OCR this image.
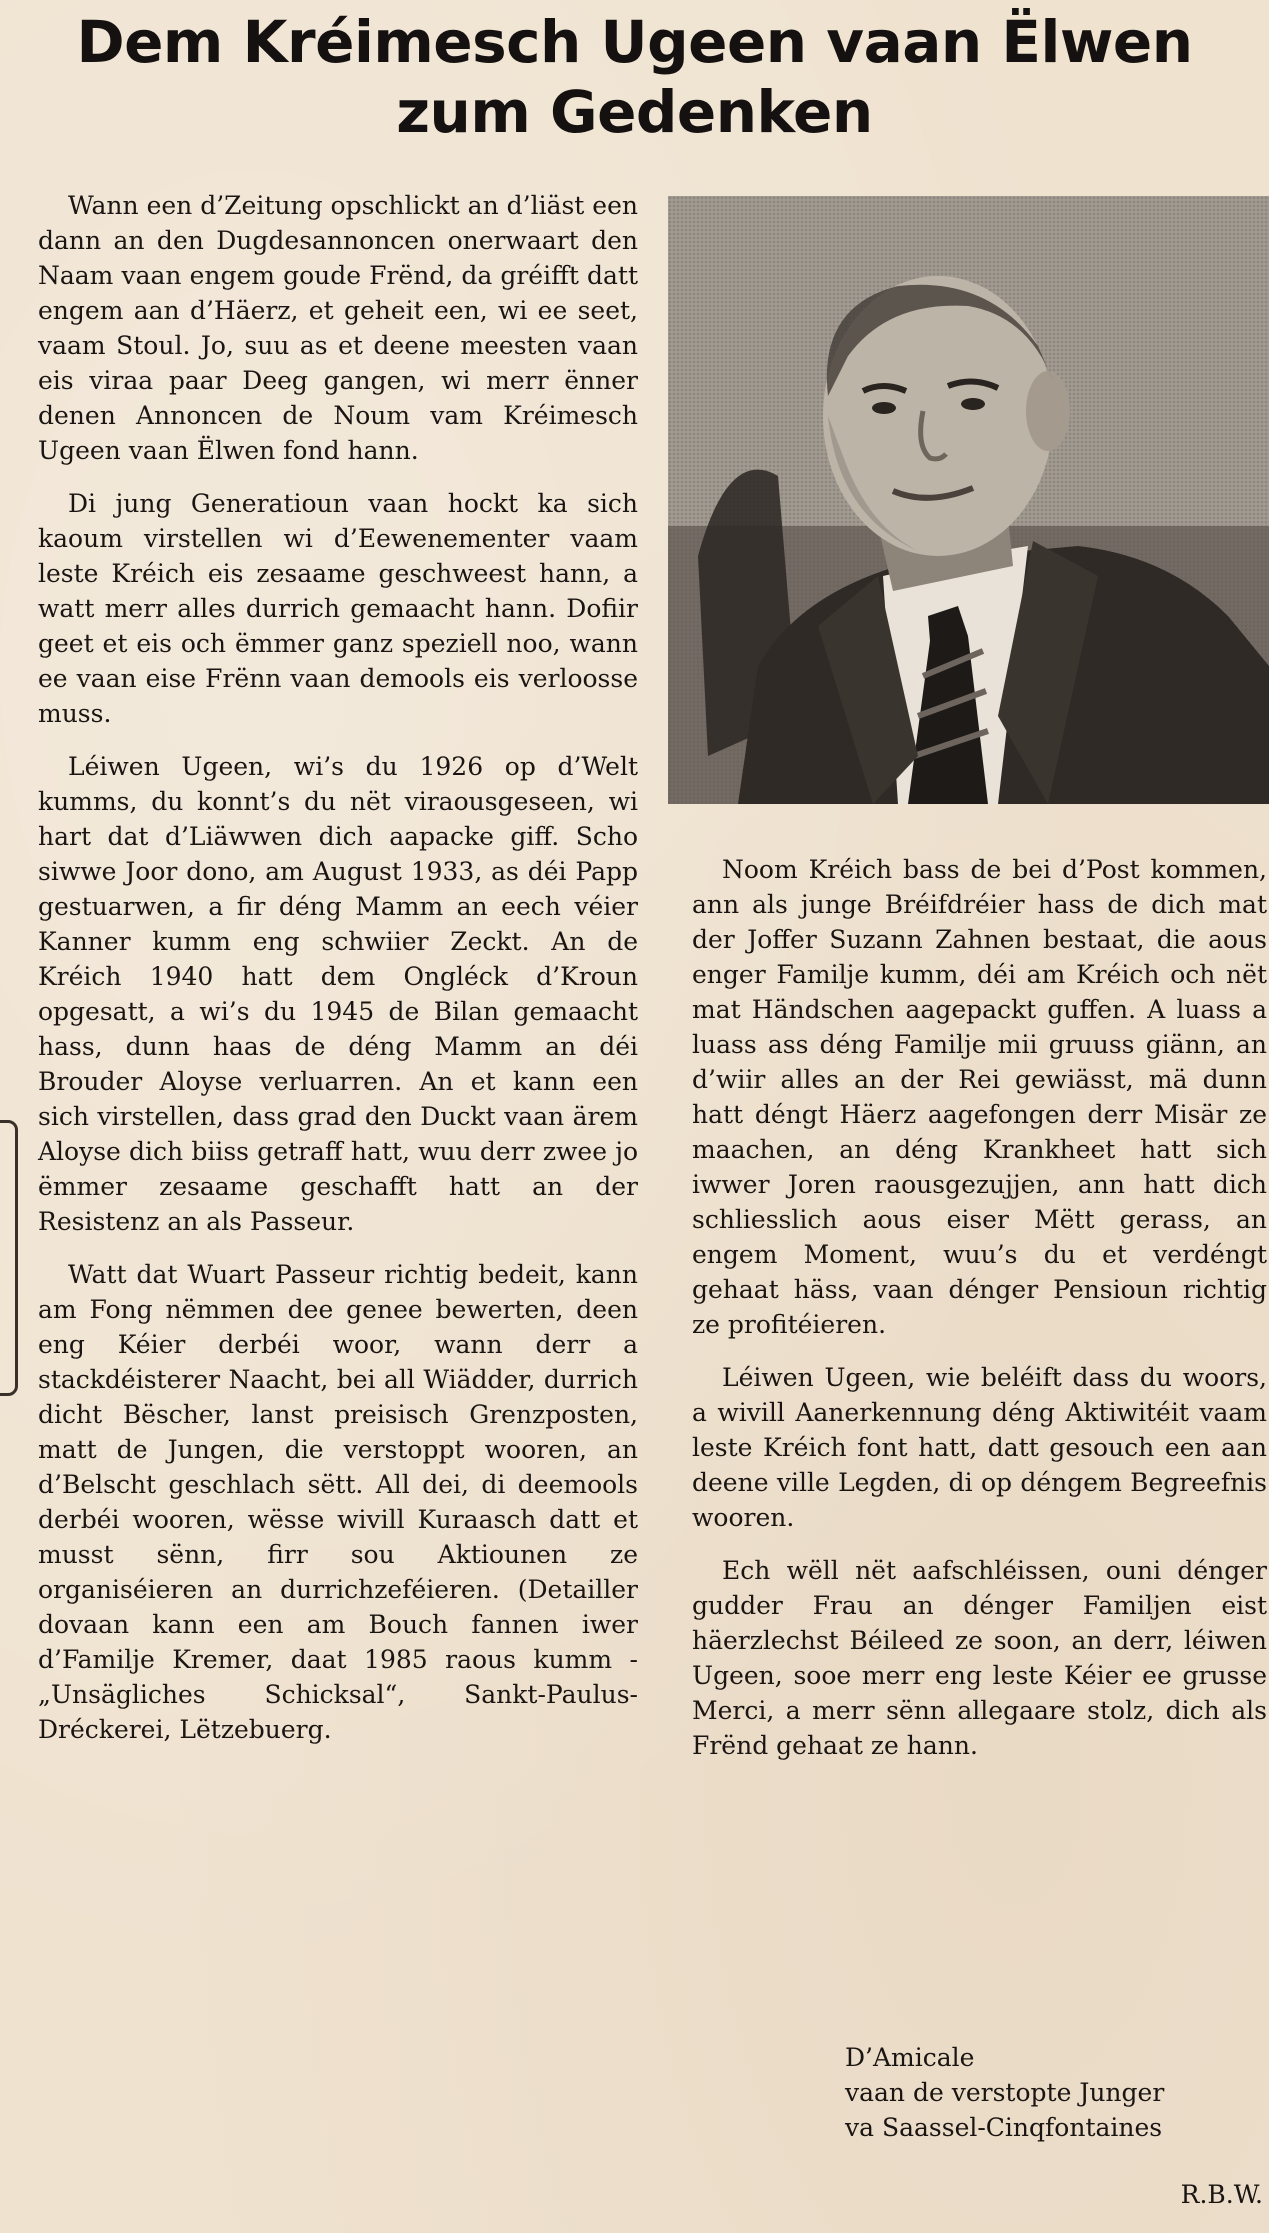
Dem Kréimesch Ugeen vaan Ëlwen
zum Gedenken

Wann een d’Zeitung opschlickt an d’liäst een dann an den Dugdesannoncen onerwaart den Naam vaan engem goude Frënd, da gréifft datt engem aan d’Häerz, et geheit een, wi ee seet, vaam Stoul. Jo, suu as et deene meesten vaan eis viraa paar Deeg gangen, wi merr ënner denen Annoncen de Noum vam Kréimesch Ugeen vaan Ëlwen fond hann.

Di jung Generatioun vaan hockt ka sich kaoum virstellen wi d’Eewenementer vaam leste Kréich eis zesaame geschweest hann, a watt merr alles durrich gemaacht hann. Dofiir geet et eis och ëmmer ganz speziell noo, wann ee vaan eise Frënn vaan demools eis verloosse muss.

Léiwen Ugeen, wi’s du 1926 op d’Welt kumms, du konnt’s du nët viraousgeseen, wi hart dat d’Liäwwen dich aapacke giff. Scho siwwe Joor dono, am August 1933, as déi Papp gestuarwen, a fir déng Mamm an eech véier Kanner kumm eng schwiier Zeckt. An de Kréich 1940 hatt dem Ongléck d’Kroun opgesatt, a wi’s du 1945 de Bilan gemaacht hass, dunn haas de déng Mamm an déi Brouder Aloyse verluarren. An et kann een sich virstellen, dass grad den Duckt vaan ärem Aloyse dich biiss getraff hatt, wuu derr zwee jo ëmmer zesaame geschafft hatt an der Resistenz an als Passeur.

Watt dat Wuart Passeur richtig bedeit, kann am Fong nëmmen dee genee bewerten, deen eng Kéier derbéi woor, wann derr a stackdéisterer Naacht, bei all Wiädder, durrich dicht Bëscher, lanst preisisch Grenzposten, matt de Jungen, die verstoppt wooren, an d’Belscht geschlach sëtt. All dei, di deemools derbéi wooren, wësse wivill Kuraasch datt et musst sënn, firr sou Aktiounen ze organiséieren an durrichzeféieren. (Detailler dovaan kann een am Bouch fannen iwer d’Familje Kremer, daat 1985 raous kumm - „Unsägliches Schicksal“, Sankt-Paulus-Dréckerei, Lëtzebuerg.

Noom Kréich bass de bei d’Post kommen, ann als junge Bréifdréier hass de dich mat der Joffer Suzann Zahnen bestaat, die aous enger Familje kumm, déi am Kréich och nët mat Händschen aagepackt guffen. A luass a luass ass déng Familje mii gruuss giänn, an d’wiir alles an der Rei gewiässt, mä dunn hatt déngt Häerz aagefongen derr Misär ze maachen, an déng Krankheet hatt sich iwwer Joren raousgezujjen, ann hatt dich schliesslich aous eiser Mëtt gerass, an engem Moment, wuu’s du et verdéngt gehaat häss, vaan dénger Pensioun richtig ze profitéieren.

Léiwen Ugeen, wie beléift dass du woors, a wivill Aanerkennung déng Aktiwitéit vaam leste Kréich font hatt, datt gesouch een aan deene ville Legden, di op déngem Begreefnis wooren.

Ech wëll nët aafschléissen, ouni dénger gudder Frau an dénger Familjen eist häerzlechst Béileed ze soon, an derr, léiwen Ugeen, sooe merr eng leste Kéier ee grusse Merci, a merr sënn allegaare stolz, dich als Frënd gehaat ze hann.

D’Amicale
vaan de verstopte Junger
va Saassel-Cinqfontaines
R.B.W.
